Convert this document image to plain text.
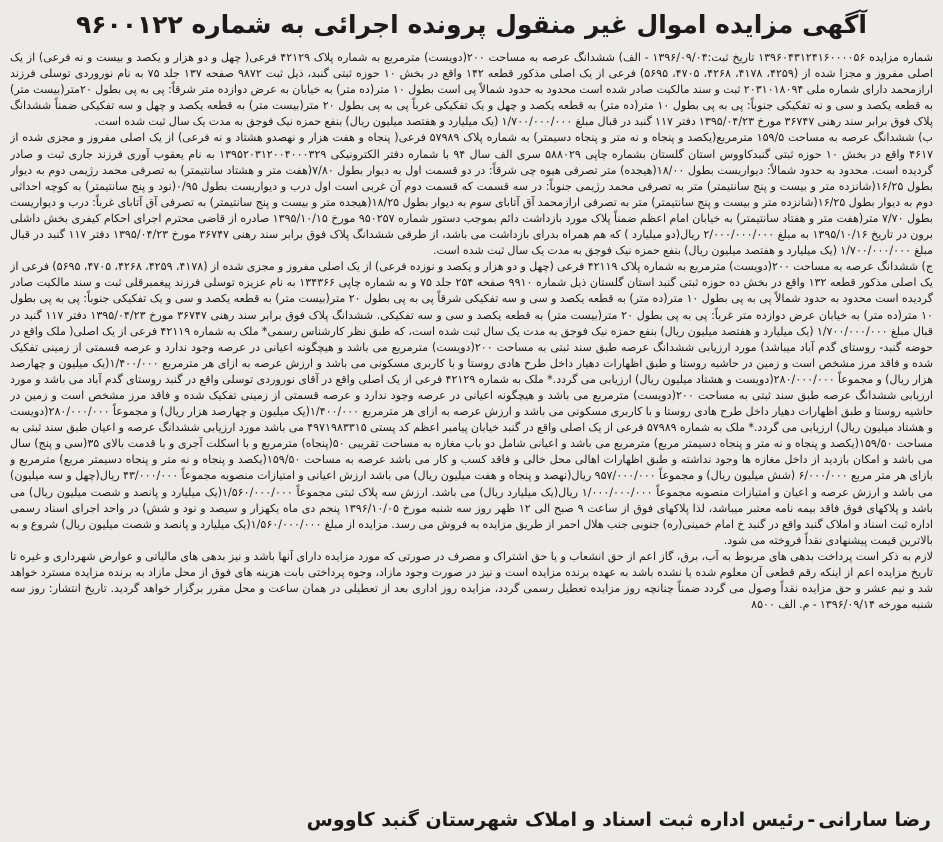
آگهی مزایده اموال غیر منقول پرونده اجرائی به شماره ۹۶۰۰۱۲۲

شماره مزایده ۱۳۹۶۰۴۳۱۲۴۱۶۰۰۰۰۵۶ تاریخ ثبت:۱۳۹۶/۰۹/۰۴ - الف) ششدانگ عرصه به مساحت ۲۰۰(دویست) مترمربع به شماره پلاک ۴۲۱۲۹ فرعی( چهل و دو هزار و یکصد و بیست و نه فرعی) از یک اصلی مفروز و مجزا شده از (۴۲۵۹، ۴۱۷۸، ۴۲۶۸، ۴۷۰۵، ۵۶۹۵) فرعی از یک اصلی مذکور قطعه ۱۴۲ واقع در بخش ۱۰ حوزه ثبتی گنبد، ذیل ثبت ۹۸۷۲ صفحه ۱۳۷ جلد ۷۵ به نام نوروردی توسلی فرزند ارازمحمد دارای شماره ملی ۲۰۳۱۰۱۸۰۹۴ ثبت و سند مالکیت صادر شده است محدود به حدود شمالاً پی است بطول ۱۰ متر(ده متر) به خیابان به عرض دوازده متر شرقاً: پی به پی بطول ۲۰متر(بیست متر) به قطعه یکصد و سی و نه تفکیکی جنوباً: پی به پی بطول ۱۰ متر(ده متر) به قطعه یکصد و چهل و یک تفکیکی غرباً پی به پی بطول ۲۰ متر(بیست متر) به قطعه یکصد و چهل و سه تفکیکی ضمناً ششدانگ پلاک فوق برابر سند رهنی ۳۶۷۴۷ مورخ ۱۳۹۵/۰۴/۲۳ دفتر ۱۱۷ گنبد در قبال مبلغ ۱/۷۰۰/۰۰۰/۰۰۰ (یک میلیارد و هفتصد میلیون ریال) بنفع حمزه نیک فوجق به مدت یک سال ثبت شده است.

ب) ششدانگ عرصه به مساحت ۱۵۹/۵ مترمربع(یکصد و پنجاه و نه متر و پنجاه دسیمتر) به شماره پلاک ۵۷۹۸۹ فرعی( پنجاه و هفت هزار و نهصدو هشتاد و نه فرعی) از یک اصلی مفروز و مجزی شده از ۴۶۱۷ واقع در بخش ۱۰ حوزه ثبتی گنبدکاووس استان گلستان بشماره چاپی ۵۸۸۰۲۹ سری الف سال ۹۴ با شماره دفتر الکترونیکی ۱۳۹۵۲۰۳۱۲۰۰۴۰۰۰۳۲۹ به نام یعقوب آوری فرزند جاری ثبت و صادر گردیده است. محدود به حدود شمالاً: دیواریست بطول ۱۸/۰۰(هیجده) متر تصرفی هیوه چی شرقاً: در دو قسمت اول به دیوار بطول ۷/۸۰(هفت متر و هشتاد سانتیمتر) به تصرفی محمد رژیمی دوم به دیوار بطول ۱۶/۲۵(شانزده متر و بیست و پنج سانتیمتر) متر به تصرفی محمد رژیمی جنوباً: در سه قسمت که قسمت دوم آن غربی است اول درب و دیواریست بطول ۰/۹۵(نود و پنج سانتیمتر) به کوچه احداثی دوم به دیوار بطول ۱۶/۲۵(شانزده متر و بیست و پنج سانتیمتر) متر به تصرفی ارازمحمد آق آتابای سوم به دیوار بطول ۱۸/۲۵(هیجده متر و بیست و پنج سانتیمتر) به تصرفی آق آتابای غرباً: درب و دیواریست بطول ۷/۷۰ متر(هفت متر و هفتاد سانتیمتر) به خیابان امام اعظم ضمناً پلاک مورد بازداشت دائم بموجب دستور شماره ۹۵۰۲۵۷ مورخ ۱۳۹۵/۱۰/۱۵ صادره از قاضی محترم اجرای احکام کیفری بخش داشلی برون در تاریخ ۱۳۹۵/۱۰/۱۶ به مبلغ ۲/۰۰۰/۰۰۰/۰۰۰ ریال(دو میلیارد ) که هم همراه بدرای بازداشت می باشد، از طرفی ششدانگ پلاک فوق برابر سند رهنی ۳۶۷۴۷ مورخ ۱۳۹۵/۰۴/۲۳ دفتر ۱۱۷ گنبد در قبال مبلغ ۱/۷۰۰/۰۰۰/۰۰۰ (یک میلیارد و هفتصد میلیون ریال) بنفع حمزه نیک فوجق به مدت یک سال ثبت شده است.

ج) ششدانگ عرصه به مساحت ۲۰۰(دویست) مترمربع به شماره پلاک ۴۲۱۱۹ فرعی (چهل و دو هزار و یکصد و نوزده فرعی) از یک اصلی مفروز و مجزی شده از (۴۱۷۸، ۴۲۵۹، ۴۲۶۸، ۴۷۰۵، ۵۶۹۵) فرعی از یک اصلی مذکور قطعه ۱۳۲ واقع در بخش ده حوزه ثبتی گنبد استان گلستان ذیل شماره ۹۹۱۰ صفحه ۲۵۴ جلد ۷۵ و به شماره چاپی ۱۳۴۳۶۶ به نام عزیزه توسلی فرزند پیغمبرقلی ثبت و سند مالکیت صادر گردیده است محدود به حدود شمالاً پی به پی بطول ۱۰ متر(ده متر) به قطعه یکصد و سی و سه تفکیکی شرقاً پی به پی بطول ۲۰ متر(بیست متر) به قطعه یکصد و سی و یک تفکیکی جنوباً: پی به پی بطول ۱۰ متر(ده متر) به خیابان عرض دوازده متر غرباً: پی به پی بطول ۲۰ متر(بیست متر) به قطعه یکصد و سی و سه تفکیکی. ششدانگ پلاک فوق برابر سند رهنی ۳۶۷۴۷ مورخ ۱۳۹۵/۰۴/۲۳ دفتر ۱۱۷ گنبد در قبال مبلغ ۱/۷۰۰/۰۰۰/۰۰۰ (یک میلیارد و هفتصد میلیون ریال) بنفع حمزه نیک فوجق به مدت یک سال ثبت شده است، که طبق نظر کارشناس رسمی* ملک به شماره ۴۲۱۱۹ فرعی از یک اصلی( ملک واقع در حوضه گنبد- روستای گدم آباد میباشد) مورد ارزیابی ششدانگ عرصه طبق سند ثبتی به مساحت ۲۰۰(دویست) مترمربع می باشد و هیچگونه اعیانی در عرصه وجود ندارد و عرصه قسمتی از زمینی تفکیک شده و فاقد مرز مشخص است و زمین در حاشیه روستا و طبق اظهارات دهیار داخل طرح هادی روستا و با کاربری مسکونی می باشد و ارزش عرصه به ازای هر مترمربع ۱/۴۰۰/۰۰۰(یک میلیون و چهارصد هزار ریال) و مجموعاً ۲۸۰/۰۰۰/۰۰۰(دویست و هشتاد میلیون ریال) ارزیابی می گردد.* ملک به شماره ۴۲۱۲۹ فرعی از یک اصلی واقع در آقای نوروردی توسلی واقع در گنبد روستای گدم آباد می باشد و مورد ارزیابی ششدانگ عرصه طبق سند ثبتی به مساحت ۲۰۰(دویست) مترمربع می باشد و هیچگونه اعیانی در عرصه وجود ندارد و عرصه قسمتی از زمینی تفکیک شده و فاقد مرز مشخص است و زمین در حاشیه روستا و طبق اظهارات دهیار داخل طرح هادی روستا و با کاربری مسکونی می باشد و ارزش عرصه به ازای هر مترمربع ۱/۴۰۰/۰۰۰(یک میلیون و چهارصد هزار ریال) و مجموعاً ۲۸۰/۰۰۰/۰۰۰(دویست و هشتاد میلیون ریال) ارزیابی می گردد.* ملک به شماره ۵۷۹۸۹ فرعی از یک اصلی واقع در گنبد خیابان پیامبر اعظم کد پستی ۴۹۷۱۹۸۳۳۱۵ می باشد مورد ارزیابی ششدانگ عرصه و اعیان طبق سند ثبتی به مساحت ۱۵۹/۵۰(یکصد و پنجاه و نه متر و پنجاه دسیمتر مربع) مترمربع می باشد و اعیانی شامل دو باب مغازه به مساحت تقریبی ۵۰(پنجاه) مترمربع و با اسکلت آجری و با قدمت بالای ۳۵(سی و پنج) سال می باشد و امکان بازدید از داخل مغازه ها وجود نداشته و طبق اظهارات اهالی محل خالی و فاقد کسب و کار می باشد عرصه به مساحت ۱۵۹/۵۰(یکصد و پنجاه و نه متر و پنجاه دسیمتر مربع) مترمربع و بازای هر متر مربع ۶/۰۰۰/۰۰۰ (شش میلیون ریال) و مجموعاً ۹۵۷/۰۰۰/۰۰۰ ریال(نهصد و پنجاه و هفت میلیون ریال) می باشد ارزش اعیانی و امتیازات منصوبه مجموعاً ۴۳/۰۰۰/۰۰۰ ریال(چهل و سه میلیون) می باشد و ارزش عرصه و اعیان و امتیازات منصوبه مجموعاً ۱/۰۰۰/۰۰۰/۰۰۰ ریال(یک میلیارد ریال) می باشد. ارزش سه پلاک ثبتی مجموعاً ۱/۵۶۰/۰۰۰/۰۰۰(یک میلیارد و پانصد و شصت میلیون ریال) می باشد و پلاکهای فوق فاقد بیمه نامه معتبر میباشد، لذا پلاکهای فوق از ساعت ۹ صبح الی ۱۲ ظهر روز سه شنبه مورخ ۱۳۹۶/۱۰/۰۵ پنجم دی ماه یکهزار و سیصد و نود و شش) در واحد اجرای اسناد رسمی اداره ثبت اسناد و املاک گنبد واقع در گنبد خ امام خمینی(ره) جنوبی جنب هلال احمر از طریق مزایده به فروش می رسد. مزایده از مبلغ ۱/۵۶۰/۰۰۰/۰۰۰(یک میلیارد و پانصد و شصت میلیون ریال) شروع و به بالاترین قیمت پیشنهادی نقداً فروخته می شود.

لازم به ذکر است پرداخت بدهی های مربوط به آب، برق، گاز اعم از حق انشعاب و یا حق اشتراک و مصرف در صورتی که مورد مزایده دارای آنها باشد و نیز بدهی های مالیاتی و عوارض شهرداری و غیره تا تاریخ مزایده اعم از اینکه رقم قطعی آن معلوم شده یا نشده باشد به عهده برنده مزایده است و نیز در صورت وجود مازاد، وجوه پرداختی بابت هزینه های فوق از محل مازاد به برنده مزایده مسترد خواهد شد و نیم عشر و حق مزایده نقداً وصول می گردد ضمناً چنانچه روز مزایده تعطیل رسمی گردد، مزایده روز اداری بعد از تعطیلی در همان ساعت و محل مقرر برگزار خواهد گردید. تاریخ انتشار: روز سه شنبه مورخه ۱۳۹۶/۰۹/۱۴ - م. الف ۸۵۰۰

رضا سارانی-رئیس اداره ثبت اسناد و املاک شهرستان گنبد کاووس
